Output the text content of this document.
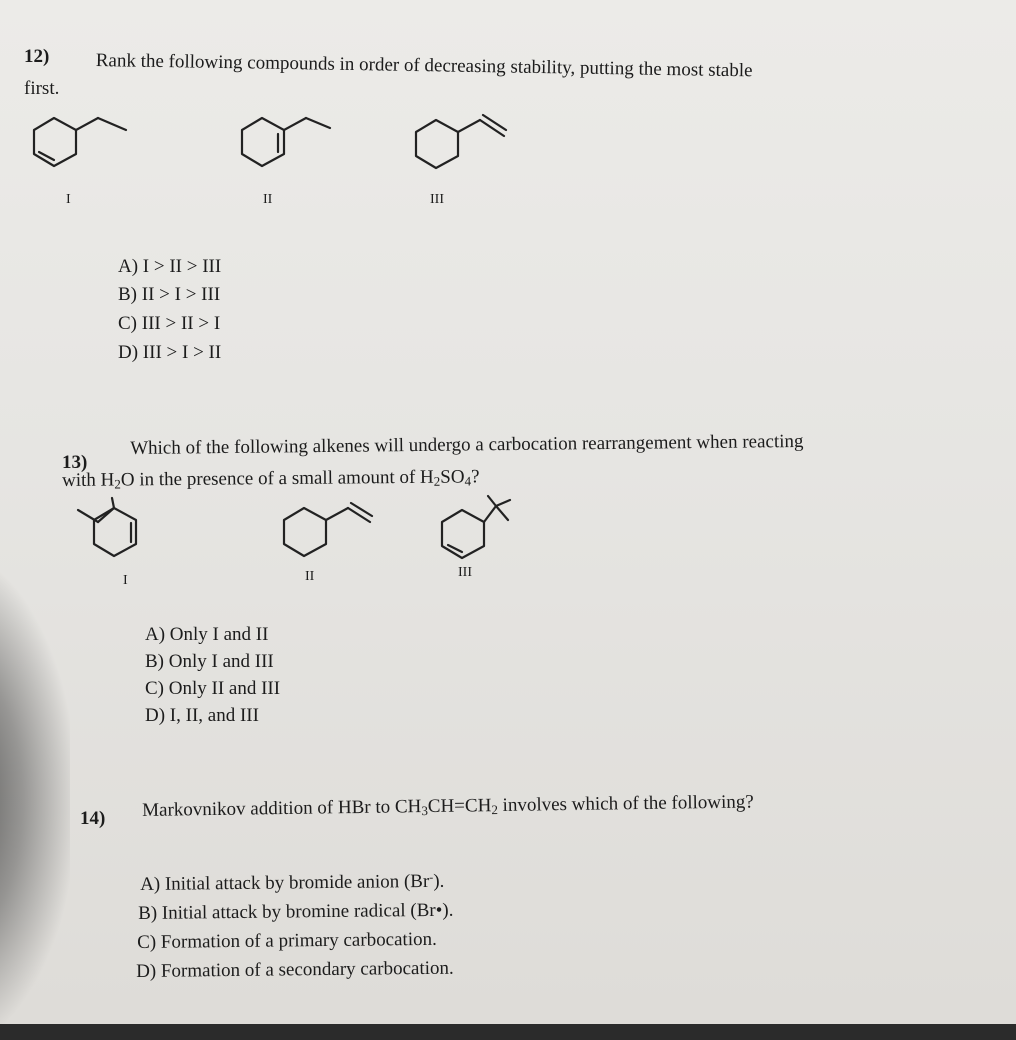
12) Rank the following compounds in order of decreasing stability, putting the most stable
first.
I	II	III
A) I > II > III
B) II > I > III
C) III > II > I
D) III > I > II
13)
Which of the following alkenes will undergo a carbocation rearrangement when reacting
with $H_2O$ in the presence of a small amount of $H_2SO_4$?
I	II	III
A) Only I and II
B) Only I and III
C) Only II and III
D) I, II, and III
14) Markovnikov addition of HBr to $CH_3CH=CH_2$ involves which of the following?
A) Initial attack by bromide anion (Br-).
B) Initial attack by bromine radical (Br•).
C) Formation of a primary carbocation.
D) Formation of a secondary carbocation.
